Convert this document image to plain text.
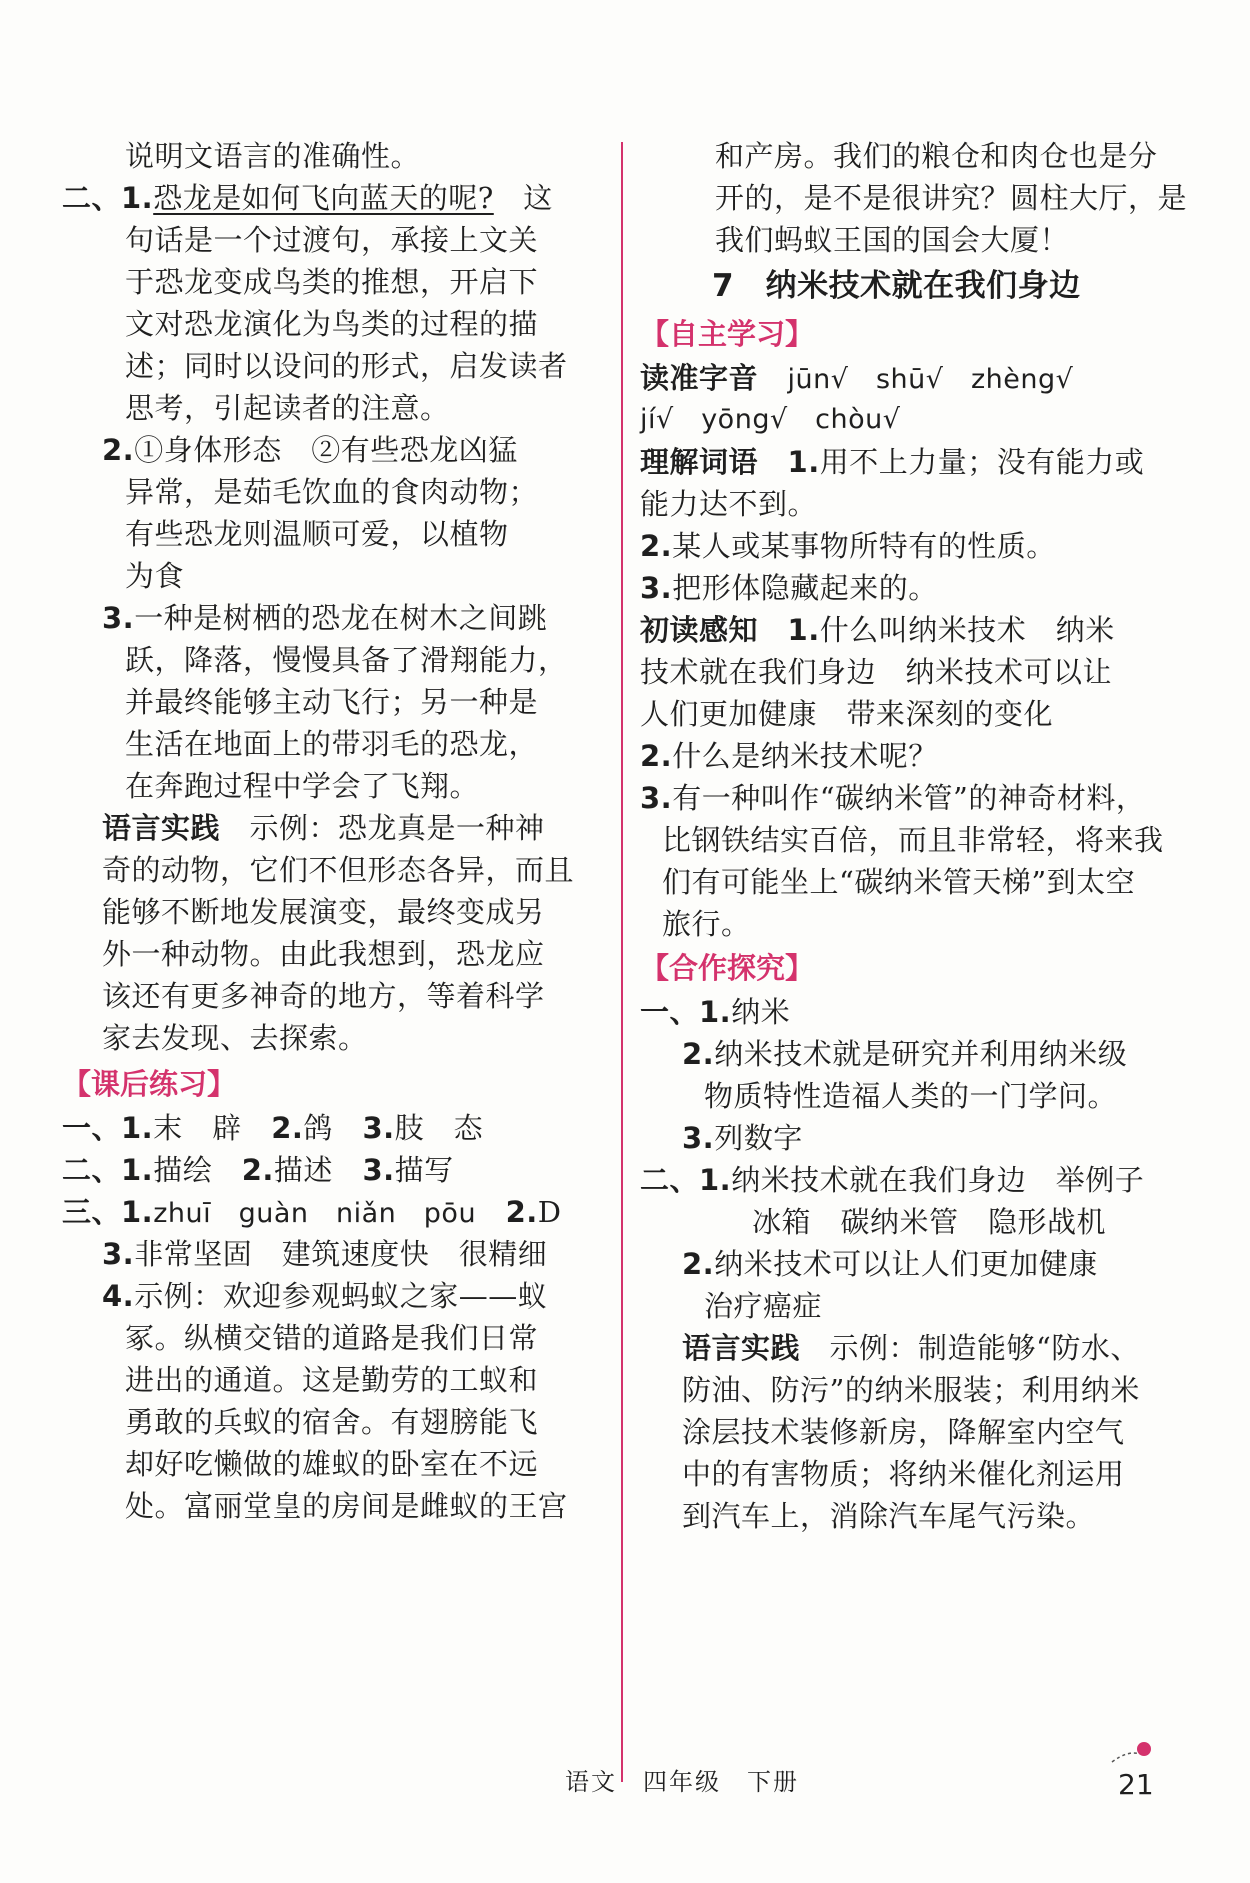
说明文语言的准确性。
二、1.恐龙是如何飞向蓝天的呢?　 这
句话是一个过渡句，承接上文关
于恐龙变成鸟类的推想，开启下
文对恐龙演化为鸟类的过程的描
述；同时以设问的形式，启发读者
思考，引起读者的注意。
2.①身体形态　②有些恐龙凶猛
异常，是茹毛饮血的食肉动物；
有些恐龙则温顺可爱，以植物
为食
3.一种是树栖的恐龙在树木之间跳
跃，降落，慢慢具备了滑翔能力，
并最终能够主动飞行；另一种是
生活在地面上的带羽毛的恐龙，
在奔跑过程中学会了飞翔。
语言实践　示例：恐龙真是一种神
奇的动物，它们不但形态各异，而且
能够不断地发展演变，最终变成另
外一种动物。由此我想到，恐龙应
该还有更多神奇的地方，等着科学
家去发现、去探索。
【课后练习】
一、1.末　辟　2.鸽　3.肢　态
二、1.描绘　2.描述　3.描写
三、1.zhuī　guàn　niǎn　pōu　 2.D
3.非常坚固　建筑速度快　很精细
4.示例：欢迎参观蚂蚁之家——蚁
冢。纵横交错的道路是我们日常
进出的通道。这是勤劳的工蚁和
勇敢的兵蚁的宿舍。有翅膀能飞
却好吃懒做的雄蚁的卧室在不远
处。富丽堂皇的房间是雌蚁的王宫
和产房。我们的粮仓和肉仓也是分
开的，是不是很讲究？圆柱大厅，是
我们蚂蚁王国的国会大厦！
7　 纳米技术就在我们身边
【自主学习】
读准字音　 jūn√　shū√　zhèng√
jí√　yōng√　chòu√
理解词语　 1.用不上力量；没有能力或
能力达不到。
2.某人或某事物所特有的性质。
3.把形体隐藏起来的。
初读感知　 1.什么叫纳米技术　纳米
技术就在我们身边　纳米技术可以让
人们更加健康　带来深刻的变化
2.什么是纳米技术呢？
3.有一种叫作“碳纳米管”的神奇材料，
比钢铁结实百倍，而且非常轻，将来我
们有可能坐上“碳纳米管天梯”到太空
旅行。
【合作探究】
一、1.纳米
2.纳米技术就是研究并利用纳米级
物质特性造福人类的一门学问。
3.列数字
二、1.纳米技术就在我们身边　举例子
冰箱　碳纳米管　隐形战机
2.纳米技术可以让人们更加健康
治疗癌症
语言实践　示例：制造能够“防水、
防油、防污”的纳米服装；利用纳米
涂层技术装修新房，降解室内空气
中的有害物质；将纳米催化剂运用
到汽车上，消除汽车尾气污染。
语文　四年级　下册	21
